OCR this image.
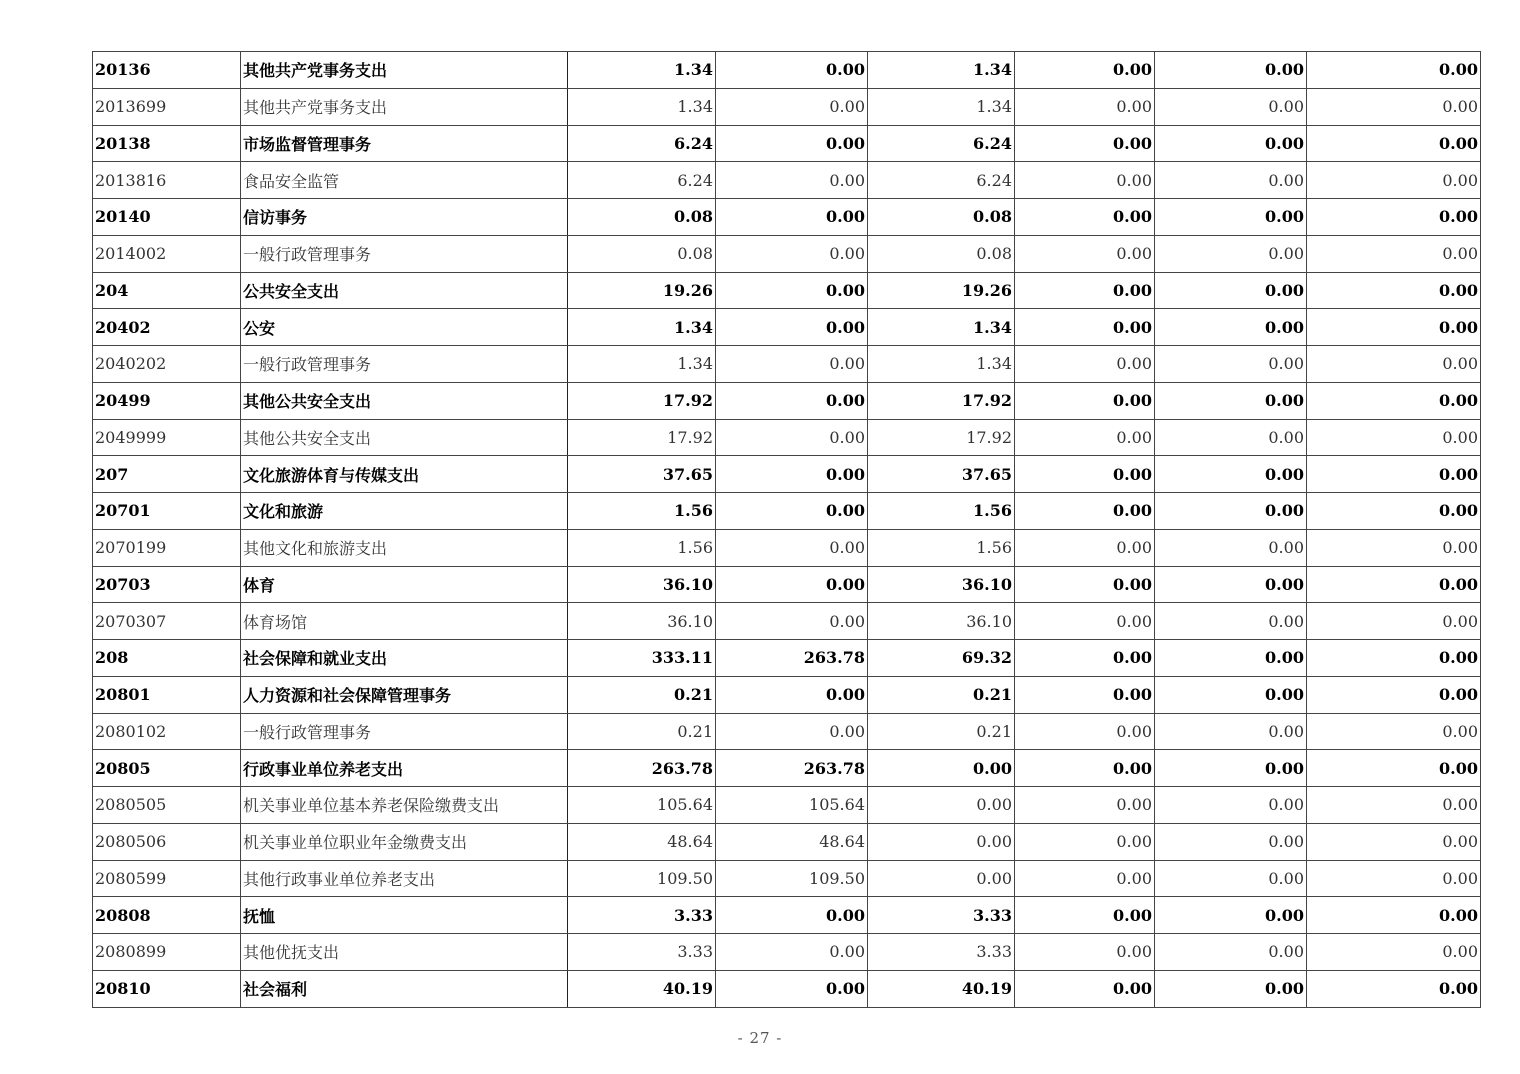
20136	其他共产党事务支出	1.34	0.00	1.34	0.00	0.00	0.00
2013699	其他共产党事务支出	1.34	0.00	1.34	0.00	0.00	0.00
20138	市场监督管理事务	6.24	0.00	6.24	0.00	0.00	0.00
2013816	食品安全监管	6.24	0.00	6.24	0.00	0.00	0.00
20140	信访事务	0.08	0.00	0.08	0.00	0.00	0.00
2014002	一般行政管理事务	0.08	0.00	0.08	0.00	0.00	0.00
204	公共安全支出	19.26	0.00	19.26	0.00	0.00	0.00
20402	公安	1.34	0.00	1.34	0.00	0.00	0.00
2040202	一般行政管理事务	1.34	0.00	1.34	0.00	0.00	0.00
20499	其他公共安全支出	17.92	0.00	17.92	0.00	0.00	0.00
2049999	其他公共安全支出	17.92	0.00	17.92	0.00	0.00	0.00
207	文化旅游体育与传媒支出	37.65	0.00	37.65	0.00	0.00	0.00
20701	文化和旅游	1.56	0.00	1.56	0.00	0.00	0.00
2070199	其他文化和旅游支出	1.56	0.00	1.56	0.00	0.00	0.00
20703	体育	36.10	0.00	36.10	0.00	0.00	0.00
2070307	体育场馆	36.10	0.00	36.10	0.00	0.00	0.00
208	社会保障和就业支出	333.11	263.78	69.32	0.00	0.00	0.00
20801	人力资源和社会保障管理事务	0.21	0.00	0.21	0.00	0.00	0.00
2080102	一般行政管理事务	0.21	0.00	0.21	0.00	0.00	0.00
20805	行政事业单位养老支出	263.78	263.78	0.00	0.00	0.00	0.00
2080505	机关事业单位基本养老保险缴费支出	105.64	105.64	0.00	0.00	0.00	0.00
2080506	机关事业单位职业年金缴费支出	48.64	48.64	0.00	0.00	0.00	0.00
2080599	其他行政事业单位养老支出	109.50	109.50	0.00	0.00	0.00	0.00
20808	抚恤	3.33	0.00	3.33	0.00	0.00	0.00
2080899	其他优抚支出	3.33	0.00	3.33	0.00	0.00	0.00
20810	社会福利	40.19	0.00	40.19	0.00	0.00	0.00
- 27 -
